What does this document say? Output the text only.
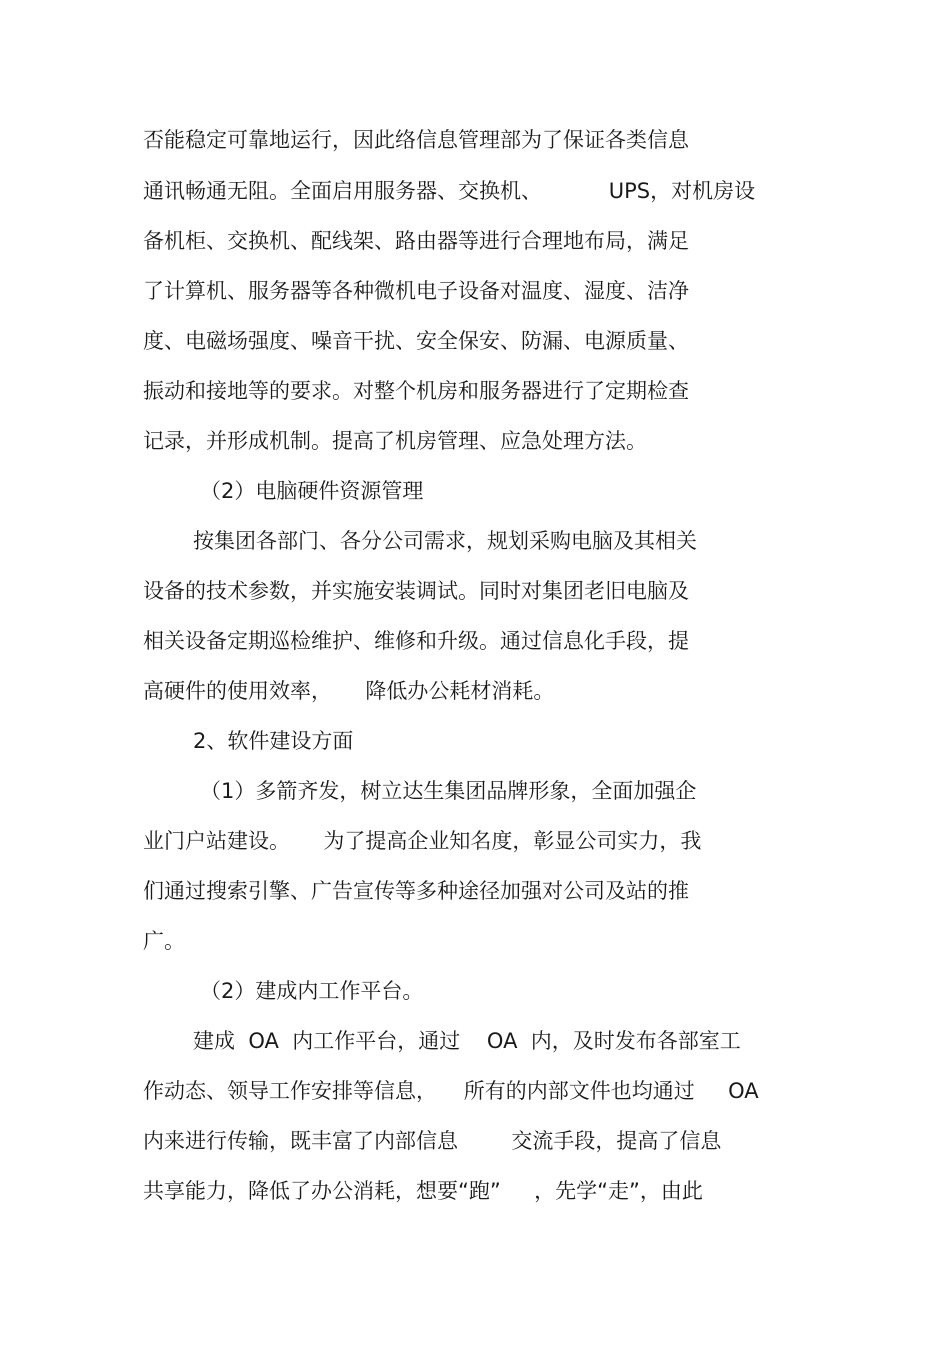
否能稳定可靠地运行，因此络信息管理部为了保证各类信息
通讯畅通无阻。全面启用服务器、交换机、          UPS，对机房设
备机柜、交换机、配线架、路由器等进行合理地布局，满足
了计算机、服务器等各种微机电子设备对温度、湿度、洁净
度、电磁场强度、噪音干扰、安全保安、防漏、电源质量、
振动和接地等的要求。对整个机房和服务器进行了定期检查
记录，并形成机制。提高了机房管理、应急处理方法。
（2）电脑硬件资源管理
按集团各部门、各分公司需求，规划采购电脑及其相关
设备的技术参数，并实施安装调试。同时对集团老旧电脑及
相关设备定期巡检维护、维修和升级。通过信息化手段，提
高硬件的使用效率，     降低办公耗材消耗。
2、软件建设方面
（1）多箭齐发，树立达生集团品牌形象，全面加强企
业门户站建设。     为了提高企业知名度，彰显公司实力，我
们通过搜索引擎、广告宣传等多种途径加强对公司及站的推
广。
（2）建成内工作平台。
建成  OA  内工作平台，通过    OA  内，及时发布各部室工
作动态、领导工作安排等信息，    所有的内部文件也均通过     OA
内来进行传输，既丰富了内部信息        交流手段，提高了信息
共享能力，降低了办公消耗，想要“跑”     ，先学“走”，由此
